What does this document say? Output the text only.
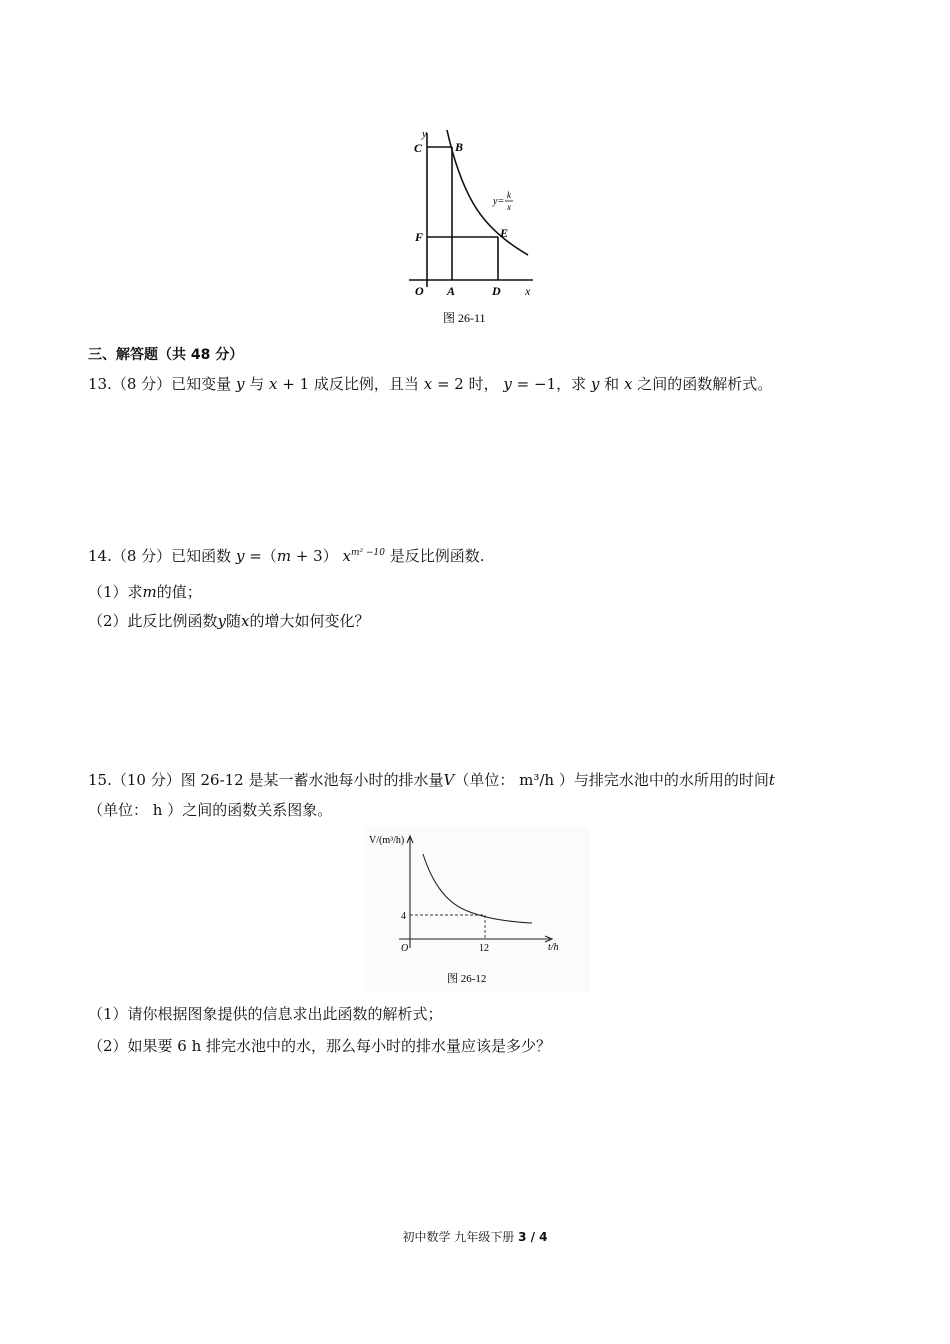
y
C	B
y=
k
x
F	E
O A	D x
图 26-11
三、解答题（共 48 分）
13.（8 分）已知变量 y 与 x + 1 成反比例，且当 x = 2 时， y = −1，求 y 和 x 之间的函数解析式。
14.（8 分）已知函数 y =（m + 3） $x^{m^2 -10}$ 是反比例函数.
（1）求m的值；
（2）此反比例函数y随x的增大如何变化？
15.（10 分）图 26-12 是某一蓄水池每小时的排水量V（单位： m³/h ）与排完水池中的水所用的时间t
（单位： h ）之间的函数关系图象。
V/(m³/h)
t/h
O
4
12
图 26-12
（1）请你根据图象提供的信息求出此函数的解析式；
（2）如果要 6 h 排完水池中的水，那么每小时的排水量应该是多少？
初中数学 九年级下册 3 / 4
